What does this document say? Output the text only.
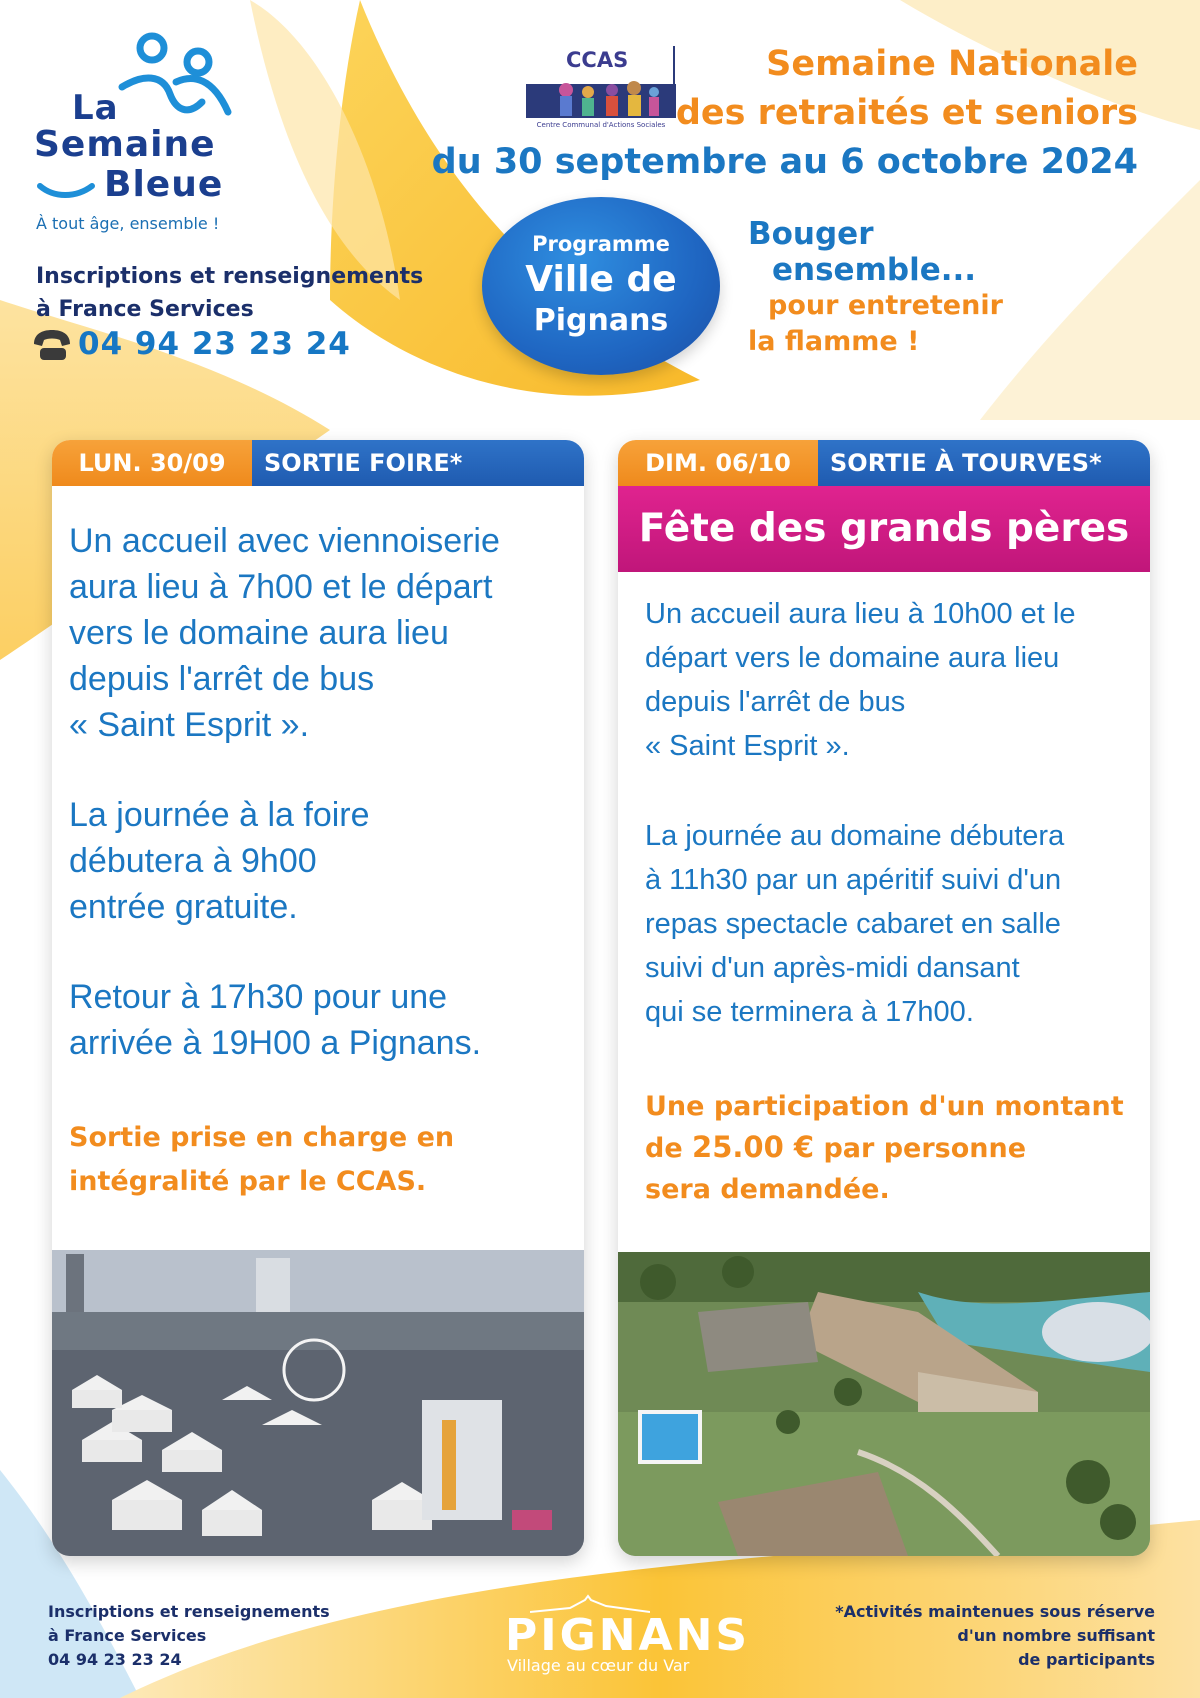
La
Semaine
Bleue
À tout âge, ensemble !
Inscriptions et renseignements
à France Services
04 94 23 23 24
CCAS
Centre Communal d'Actions Sociales
Semaine Nationale
des retraités et seniors
du 30 septembre au 6 octobre 2024
Programme
Ville de
Pignans
Bouger
ensemble...
pour entretenir
la flamme !
LUN. 30/09	SORTIE FOIRE*
Un accueil avec viennoiserie
aura lieu à 7h00 et le départ
vers le domaine aura lieu
depuis l'arrêt de bus
« Saint Esprit ».
La journée à la foire
débutera à 9h00
entrée gratuite.
Retour à 17h30 pour une
arrivée à 19H00 a Pignans.
Sortie prise en charge en
intégralité par le CCAS.
DIM. 06/10	SORTIE À TOURVES*
Fête des grands pères
Un accueil aura lieu à 10h00 et le
départ vers le domaine aura lieu
depuis l'arrêt de bus
« Saint Esprit ».
La journée au domaine débutera
à 11h30 par un apéritif suivi d'un
repas spectacle cabaret en salle
suivi d'un après-midi dansant
qui se terminera à 17h00.
Une participation d'un montant
de 25.00 € par personne
sera demandée.
Inscriptions et renseignements
à France Services
04 94 23 23 24	PIGNANS
Village au cœur du Var
*Activités maintenues sous réserve
d'un nombre suffisant
de participants
